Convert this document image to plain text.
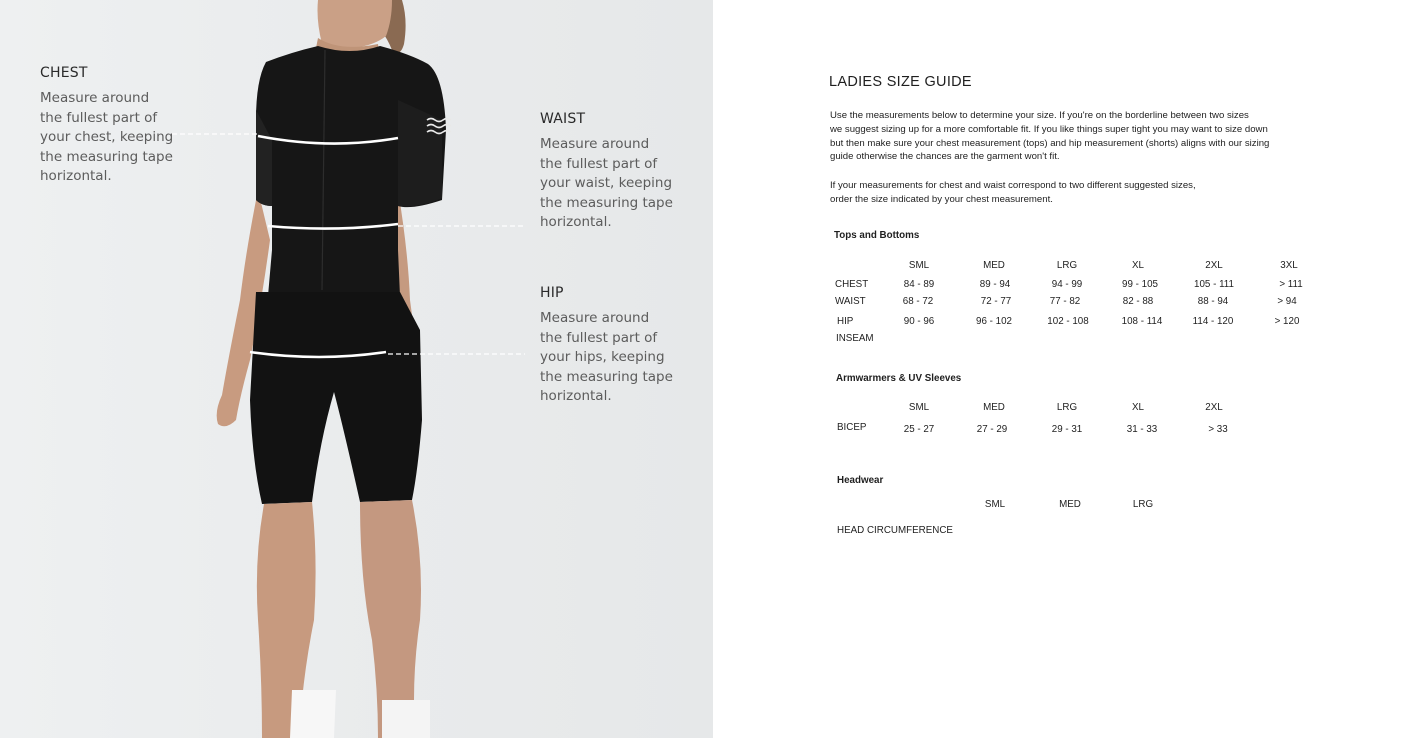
CHEST
Measure around
the fullest part of
your chest, keeping
the measuring tape
horizontal.
WAIST
Measure around
the fullest part of
your waist, keeping
the measuring tape
horizontal.
HIP
Measure around
the fullest part of
your hips, keeping
the measuring tape
horizontal.
LADIES SIZE GUIDE
Use the measurements below to determine your size. If you're on the borderline between two sizes
we suggest sizing up for a more comfortable fit. If you like things super tight you may want to size down
but then make sure your chest measurement (tops) and hip measurement (shorts) aligns with our sizing
guide otherwise the chances are the garment won't fit.
If your measurements for chest and waist correspond to two different suggested sizes,
order the size indicated by your chest measurement.
Tops and Bottoms
SML	MED	LRG	XL	2XL	3XL
CHEST	84 - 89	89 - 94	94 - 99	99 - 105	105 - 111	> 111
WAIST	68 - 72	72 - 77	77 - 82	82 - 88	88 - 94	> 94
HIP	90 - 96	96 - 102	102 - 108	108 - 114	114 - 120	> 120
INSEAM
Armwarmers & UV Sleeves
SML	MED	LRG	XL	2XL
BICEP	25 - 27	27 - 29	29 - 31	31 - 33	> 33
Headwear
SML	MED	LRG
HEAD CIRCUMFERENCE
